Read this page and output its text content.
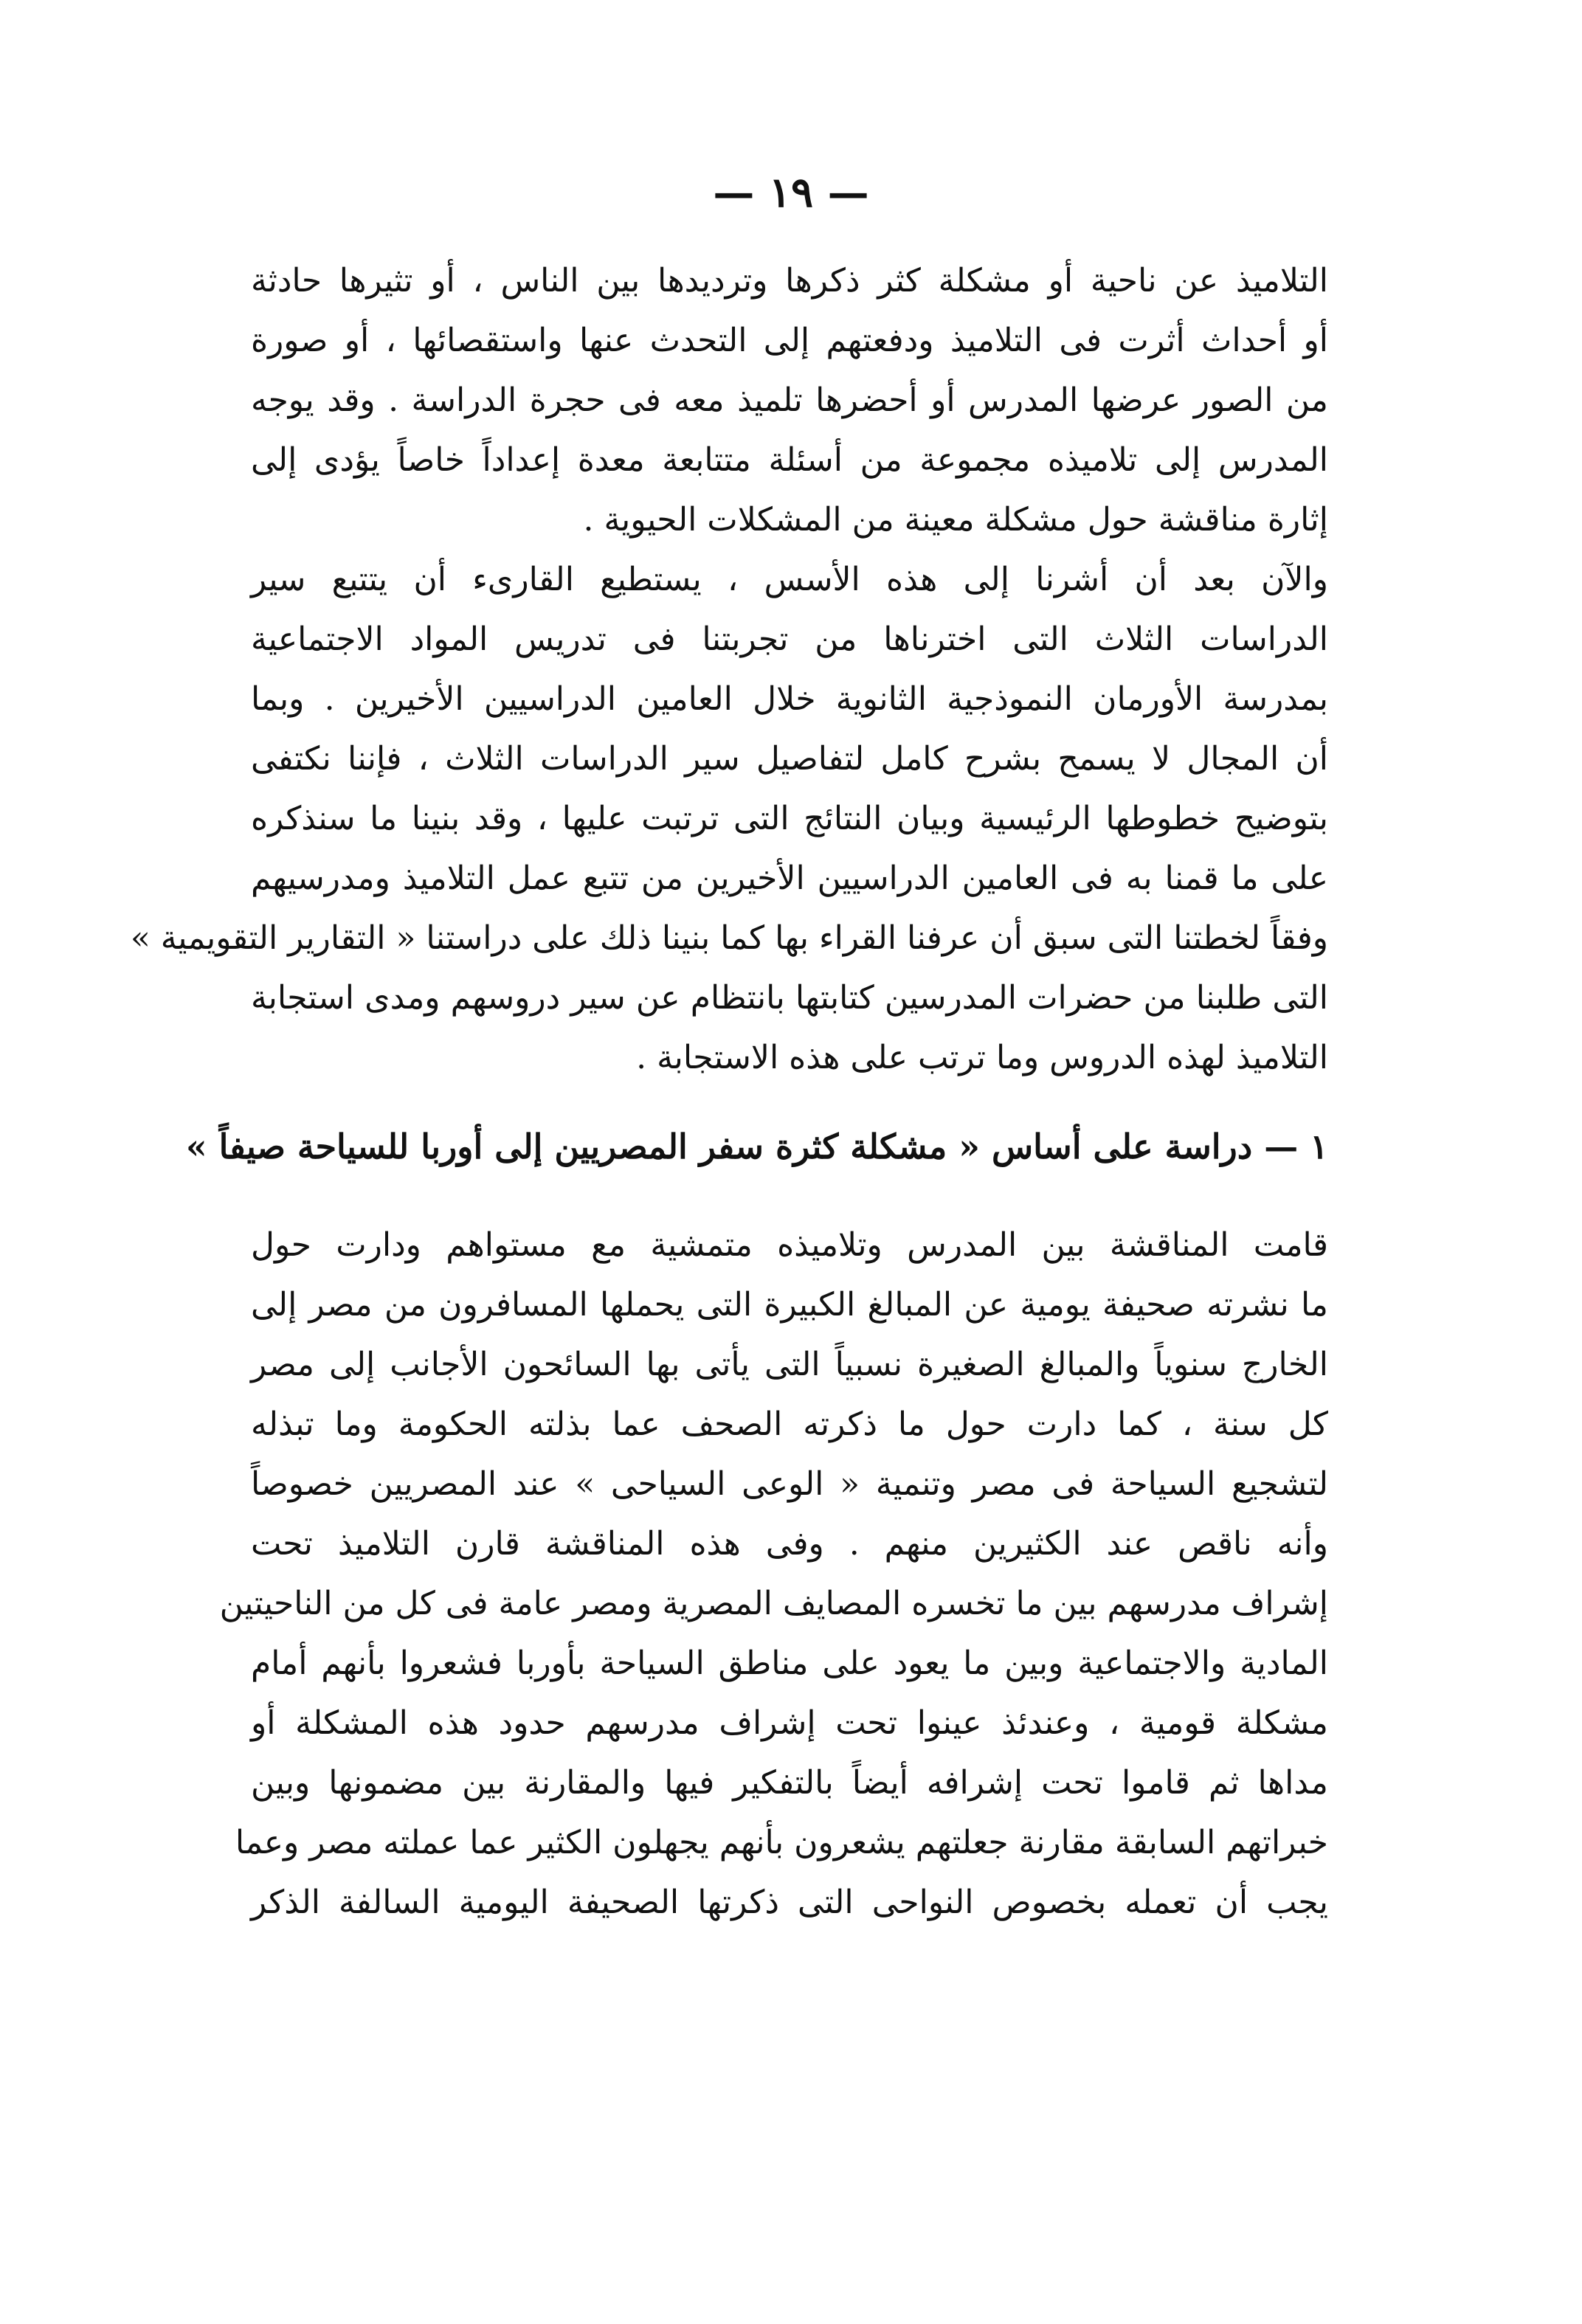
— ١٩ —
التلاميذ عن ناحية أو مشكلة كثر ذكرها وترديدها بين الناس ، أو تثيرها حادثة
أو أحداث أثرت فى التلاميذ ودفعتهم إلى التحدث عنها واستقصائها ، أو صورة
من الصور عرضها المدرس أو أحضرها تلميذ معه فى حجرة الدراسة . وقد يوجه
المدرس إلى تلاميذه مجموعة من أسئلة متتابعة معدة إعداداً خاصاً يؤدى إلى
إثارة مناقشة حول مشكلة معينة من المشكلات الحيوية .
والآن بعد أن أشرنا إلى هذه الأسس ، يستطيع القارىء أن يتتبع سير
الدراسات الثلاث التى اخترناها من تجربتنا فى تدريس المواد الاجتماعية
بمدرسة الأورمان النموذجية الثانوية خلال العامين الدراسيين الأخيرين . وبما
أن المجال لا يسمح بشرح كامل لتفاصيل سير الدراسات الثلاث ، فإننا نكتفى
بتوضيح خطوطها الرئيسية وبيان النتائج التى ترتبت عليها ، وقد بنينا ما سنذكره
على ما قمنا به فى العامين الدراسيين الأخيرين من تتبع عمل التلاميذ ومدرسيهم
وفقاً لخطتنا التى سبق أن عرفنا القراء بها كما بنينا ذلك على دراستنا « التقارير التقويمية »
التى طلبنا من حضرات المدرسين كتابتها بانتظام عن سير دروسهم ومدى استجابة
التلاميذ لهذه الدروس وما ترتب على هذه الاستجابة .
١ — دراسة على أساس « مشكلة كثرة سفر المصريين إلى أوربا للسياحة صيفاً »
قامت المناقشة بين المدرس وتلاميذه متمشية مع مستواهم ودارت حول
ما نشرته صحيفة يومية عن المبالغ الكبيرة التى يحملها المسافرون من مصر إلى
الخارج سنوياً والمبالغ الصغيرة نسبياً التى يأتى بها السائحون الأجانب إلى مصر
كل سنة ، كما دارت حول ما ذكرته الصحف عما بذلته الحكومة وما تبذله
لتشجيع السياحة فى مصر وتنمية « الوعى السياحى » عند المصريين خصوصاً
وأنه ناقص عند الكثيرين منهم . وفى هذه المناقشة قارن التلاميذ تحت
إشراف مدرسهم بين ما تخسره المصايف المصرية ومصر عامة فى كل من الناحيتين
المادية والاجتماعية وبين ما يعود على مناطق السياحة بأوربا فشعروا بأنهم أمام
مشكلة قومية ، وعندئذ عينوا تحت إشراف مدرسهم حدود هذه المشكلة أو
مداها ثم قاموا تحت إشرافه أيضاً بالتفكير فيها والمقارنة بين مضمونها وبين
خبراتهم السابقة مقارنة جعلتهم يشعرون بأنهم يجهلون الكثير عما عملته مصر وعما
يجب أن تعمله بخصوص النواحى التى ذكرتها الصحيفة اليومية السالفة الذكر
